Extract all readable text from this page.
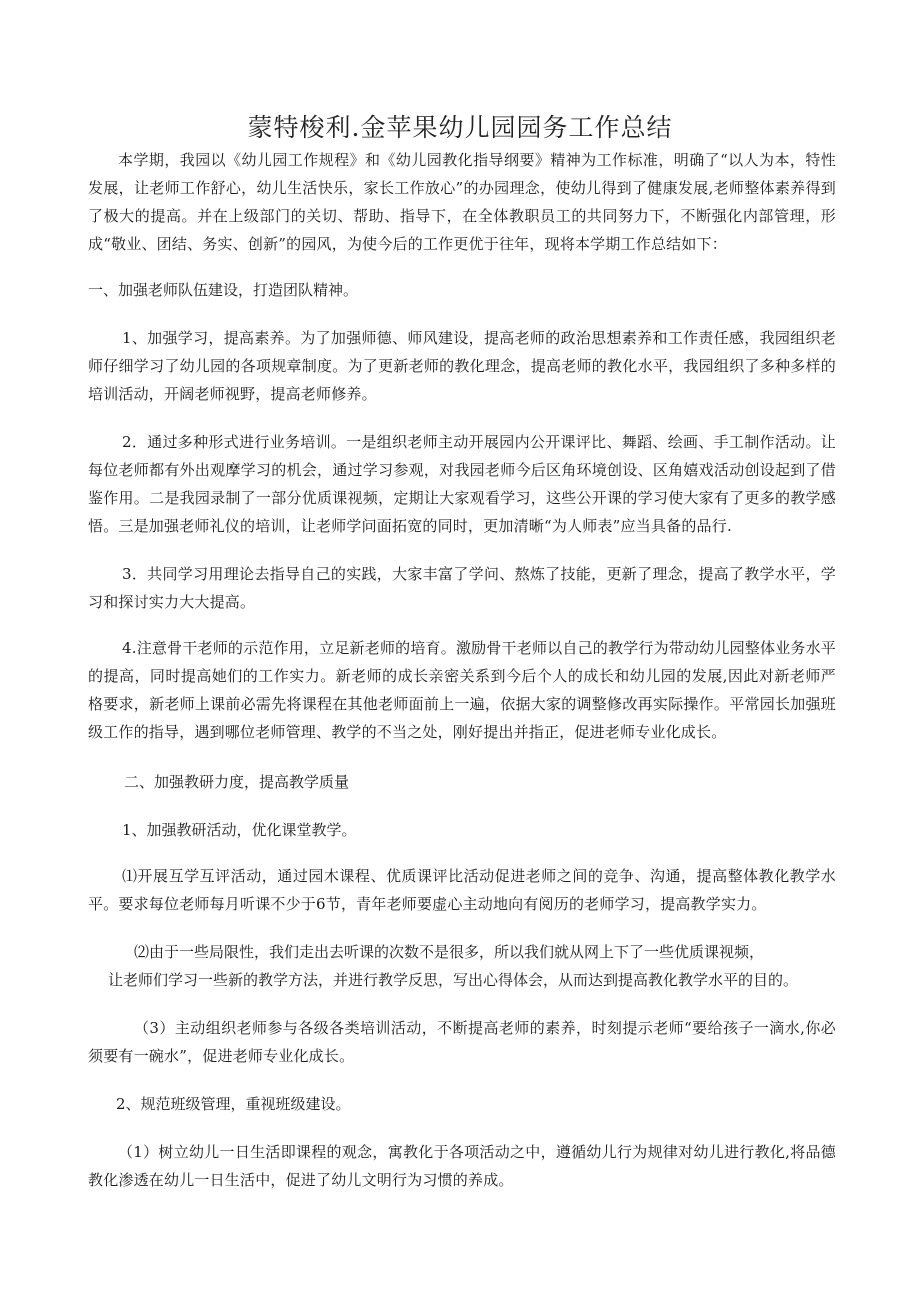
蒙特梭利.金苹果幼儿园园务工作总结

本学期，我园以《幼儿园工作规程》和《幼儿园教化指导纲要》精神为工作标准，明确了“以人为本，特性发展，让老师工作舒心，幼儿生活快乐，家长工作放心”的办园理念，使幼儿得到了健康发展,老师整体素养得到了极大的提高。并在上级部门的关切、帮助、指导下，在全体教职员工的共同努力下，不断强化内部管理，形成“敬业、团结、务实、创新”的园风，为使今后的工作更优于往年，现将本学期工作总结如下：

一、加强老师队伍建设，打造团队精神。

1、加强学习，提高素养。为了加强师德、师风建设，提高老师的政治思想素养和工作责任感，我园组织老师仔细学习了幼儿园的各项规章制度。为了更新老师的教化理念，提高老师的教化水平，我园组织了多种多样的培训活动，开阔老师视野，提高老师修养。

2．通过多种形式进行业务培训。一是组织老师主动开展园内公开课评比、舞蹈、绘画、手工制作活动。让每位老师都有外出观摩学习的机会，通过学习参观，对我园老师今后区角环境创设、区角嬉戏活动创设起到了借鉴作用。二是我园录制了一部分优质课视频，定期让大家观看学习，这些公开课的学习使大家有了更多的教学感悟。三是加强老师礼仪的培训，让老师学问面拓宽的同时，更加清晰“为人师表”应当具备的品行.

3．共同学习用理论去指导自己的实践，大家丰富了学问、熬炼了技能，更新了理念，提高了教学水平，学习和探讨实力大大提高。

4.注意骨干老师的示范作用，立足新老师的培育。激励骨干老师以自己的教学行为带动幼儿园整体业务水平的提高，同时提高她们的工作实力。新老师的成长亲密关系到今后个人的成长和幼儿园的发展,因此对新老师严格要求，新老师上课前必需先将课程在其他老师面前上一遍，依据大家的调整修改再实际操作。平常园长加强班级工作的指导，遇到哪位老师管理、教学的不当之处，刚好提出并指正，促进老师专业化成长。

二、加强教研力度，提高教学质量

1、加强教研活动，优化课堂教学。

⑴开展互学互评活动，通过园木课程、优质课评比活动促进老师之间的竞争、沟通，提高整体教化教学水平。要求每位老师每月听课不少于6节，青年老师要虚心主动地向有阅历的老师学习，提高教学实力。

⑵由于一些局限性，我们走出去听课的次数不是很多，所以我们就从网上下了一些优质课视频，

让老师们学习一些新的教学方法，并进行教学反思，写出心得体会，从而达到提高教化教学水平的目的。

（3）主动组织老师参与各级各类培训活动，不断提高老师的素养，时刻提示老师“要给孩子一滴水,你必须要有一碗水”，促进老师专业化成长。

2、规范班级管理，重视班级建设。

（1）树立幼儿一日生活即课程的观念，寓教化于各项活动之中，遵循幼儿行为规律对幼儿进行教化,将品德教化渗透在幼儿一日生活中，促进了幼儿文明行为习惯的养成。
